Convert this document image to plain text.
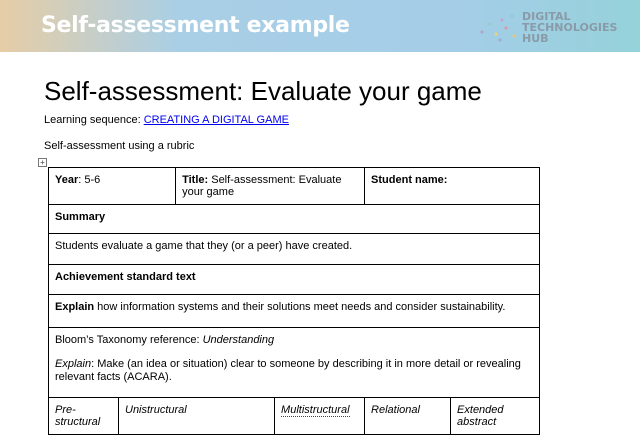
Self-assessment example	DIGITAL
TECHNOLOGIES
HUB
Self-assessment: Evaluate your game
Learning sequence: CREATING A DIGITAL GAME
Self-assessment using a rubric
+
Year: 5-6		Title: Self-assessment: Evaluate your game		Student name:	
Summary					
Students evaluate a game that they (or a peer) have created.					
Achievement standard text					
Explain how information systems and their solutions meet needs and consider sustainability.					

Bloom’s Taxonomy reference: Understanding
Explain: Make (an idea or situation) clear to someone by describing it in more detail or revealing relevant facts (ACARA).					

Pre-structural	Unistructural		Multistructural	Relational	Extended abstract
